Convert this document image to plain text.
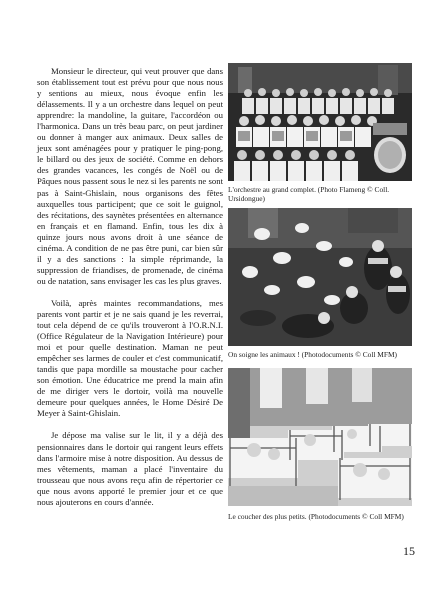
Monsieur le directeur, qui veut prouver que dans son établissement tout est prévu pour que nous nous y sentions au mieux, nous évoque enfin les délassements. Il y a un orchestre dans lequel on peut apprendre: la mandoline, la guitare, l'accordéon ou l'harmonica. Dans un très beau parc, on peut jardiner ou donner à manger aux animaux. Deux salles de jeux sont aménagées pour y pratiquer le ping-pong, le billard ou des jeux de société. Comme en dehors des grandes vacances, les congés de Noël ou de Pâques nous passent sous le nez si les parents ne sont pas à Saint-Ghislain, nous organisons des fêtes auxquelles tous participent; que ce soit le guignol, des récitations, des saynètes présentées en alternance en français et en flamand. Enfin, tous les dix à quinze jours nous avons droit à une séance de cinéma. A condition de ne pas être puni, car bien sûr il y a des sanctions : la simple réprimande, la suppression de friandises, de promenade, de cinéma ou de natation, sans envisager les cas les plus graves.

Voilà, après maintes recommandations, mes parents vont partir et je ne sais quand je les reverrai, tout cela dépend de ce qu'ils trouveront à l'O.R.N.I. (Office Régulateur de la Navigation Intérieure) pour moi et pour quelle destination. Maman ne peut empêcher ses larmes de couler et c'est communicatif, tandis que papa mordille sa moustache pour cacher son émotion. Une éducatrice me prend la main afin de me diriger vers le dortoir, voilà ma nouvelle demeure pour quelques années, le Home Désiré De Meyer à Saint-Ghislain.

Je dépose ma valise sur le lit, il y a déjà des pensionnaires dans le dortoir qui rangent leurs effets dans l'armoire mise à notre disposition. Au dessus de mes vêtements, maman a placé l'inventaire du trousseau que nous avons reçu afin de répertorier ce que nous avons apporté le premier jour et ce que nous ajouterons en cours d'année.

L'orchestre au grand complet. (Photo Flameng © Coll. Ursidongue)
On soigne les animaux ! (Photodocuments © Coll MFM)
Le coucher des plus petits. (Photodocuments © Coll MFM)
15
